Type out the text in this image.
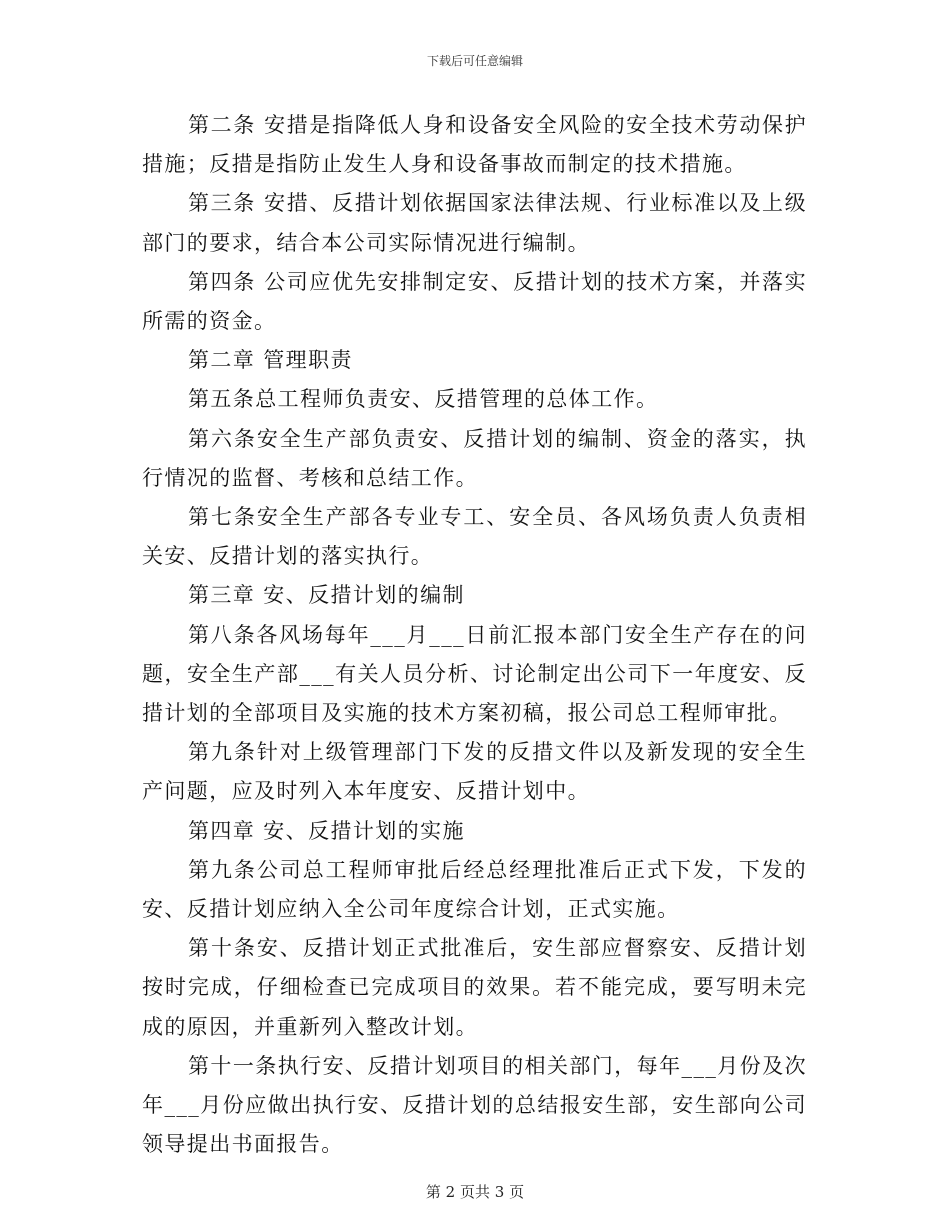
下载后可任意编辑

第二条 安措是指降低人身和设备安全风险的安全技术劳动保护措施；反措是指防止发生人身和设备事故而制定的技术措施。

第三条 安措、反措计划依据国家法律法规、行业标准以及上级部门的要求，结合本公司实际情况进行编制。

第四条 公司应优先安排制定安、反措计划的技术方案，并落实所需的资金。

第二章 管理职责

第五条总工程师负责安、反措管理的总体工作。

第六条安全生产部负责安、反措计划的编制、资金的落实，执行情况的监督、考核和总结工作。

第七条安全生产部各专业专工、安全员、各风场负责人负责相关安、反措计划的落实执行。

第三章 安、反措计划的编制

第八条各风场每年___月___日前汇报本部门安全生产存在的问题，安全生产部___有关人员分析、讨论制定出公司下一年度安、反措计划的全部项目及实施的技术方案初稿，报公司总工程师审批。

第九条针对上级管理部门下发的反措文件以及新发现的安全生产问题，应及时列入本年度安、反措计划中。

第四章 安、反措计划的实施

第九条公司总工程师审批后经总经理批准后正式下发，下发的安、反措计划应纳入全公司年度综合计划，正式实施。

第十条安、反措计划正式批准后，安生部应督察安、反措计划按时完成，仔细检查已完成项目的效果。若不能完成，要写明未完成的原因，并重新列入整改计划。

第十一条执行安、反措计划项目的相关部门，每年___月份及次年___月份应做出执行安、反措计划的总结报安生部，安生部向公司领导提出书面报告。

第 2 页共 3 页
